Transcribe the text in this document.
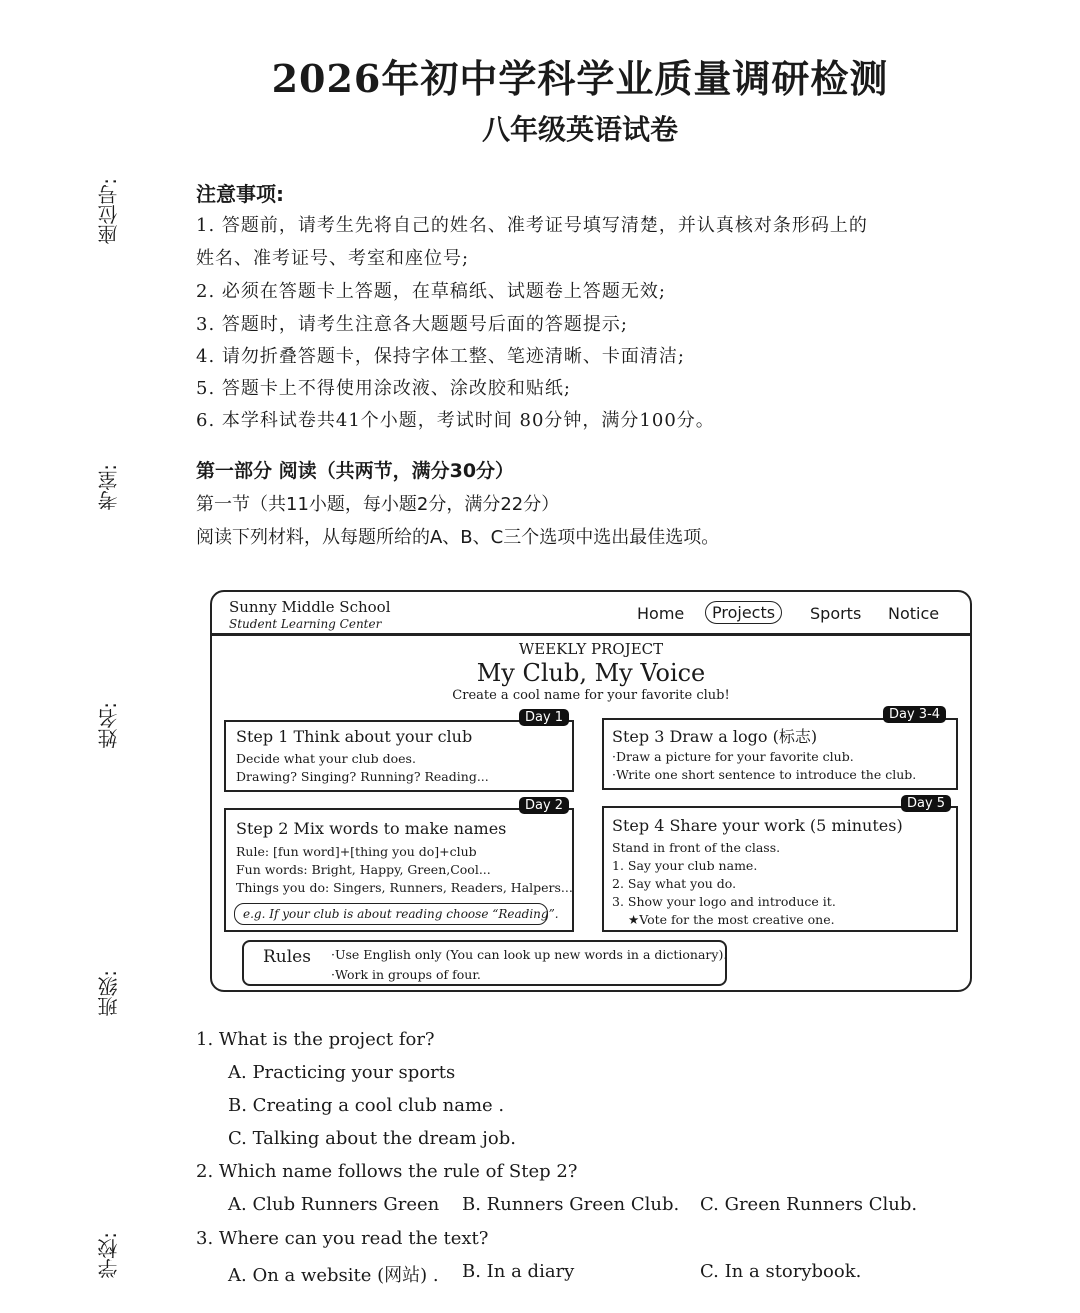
座位号:
考室:
姓名:
班级:
学校:
2026年初中学科学业质量调研检测
八年级英语试卷
注意事项:
1. 答题前，请考生先将自己的姓名、准考证号填写清楚，并认真核对条形码上的
姓名、准考证号、考室和座位号;
2. 必须在答题卡上答题，在草稿纸、试题卷上答题无效;
3. 答题时，请考生注意各大题题号后面的答题提示;
4. 请勿折叠答题卡，保持字体工整、笔迹清晰、卡面清洁;
5. 答题卡上不得使用涂改液、涂改胶和贴纸;
6. 本学科试卷共41个小题，考试时间 80分钟，满分100分。
第一部分 阅读（共两节，满分30分）
第一节（共11小题，每小题2分，满分22分）
阅读下列材料，从每题所给的A、B、C三个选项中选出最佳选项。
Sunny Middle School
Student Learning Center
Home	Projects	Sports Notice
WEEKLY PROJECT
My Club, My Voice
Create a cool name for your favorite club!
Day 1
Step 1 Think about your club
Decide what your club does.
Drawing? Singing? Running? Reading...
Day 2
Step 2 Mix words to make names
Rule: [fun word]+[thing you do]+club
Fun words: Bright, Happy, Green,Cool...
Things you do: Singers, Runners, Readers, Halpers...
e.g. If your club is about reading choose “Reading”.
Day 3-4
Step 3 Draw a logo (标志)
·Draw a picture for your favorite club.
·Write one short sentence to introduce the club.
Day 5
Step 4 Share your work (5 minutes)
Stand in front of the class.
1. Say your club name.
2. Say what you do.
3. Show your logo and introduce it.
★Vote for the most creative one.
Rules ·Use English only (You can look up new words in a dictionary).
·Work in groups of four.
1. What is the project for?
A. Practicing your sports
B. Creating a cool club name .
C. Talking about the dream job.
2. Which name follows the rule of Step 2?
A. Club Runners Green B. Runners Green Club. C. Green Runners Club.
3. Where can you read the text?
A. On a website (网站) . B. In a diary	C. In a storybook.
